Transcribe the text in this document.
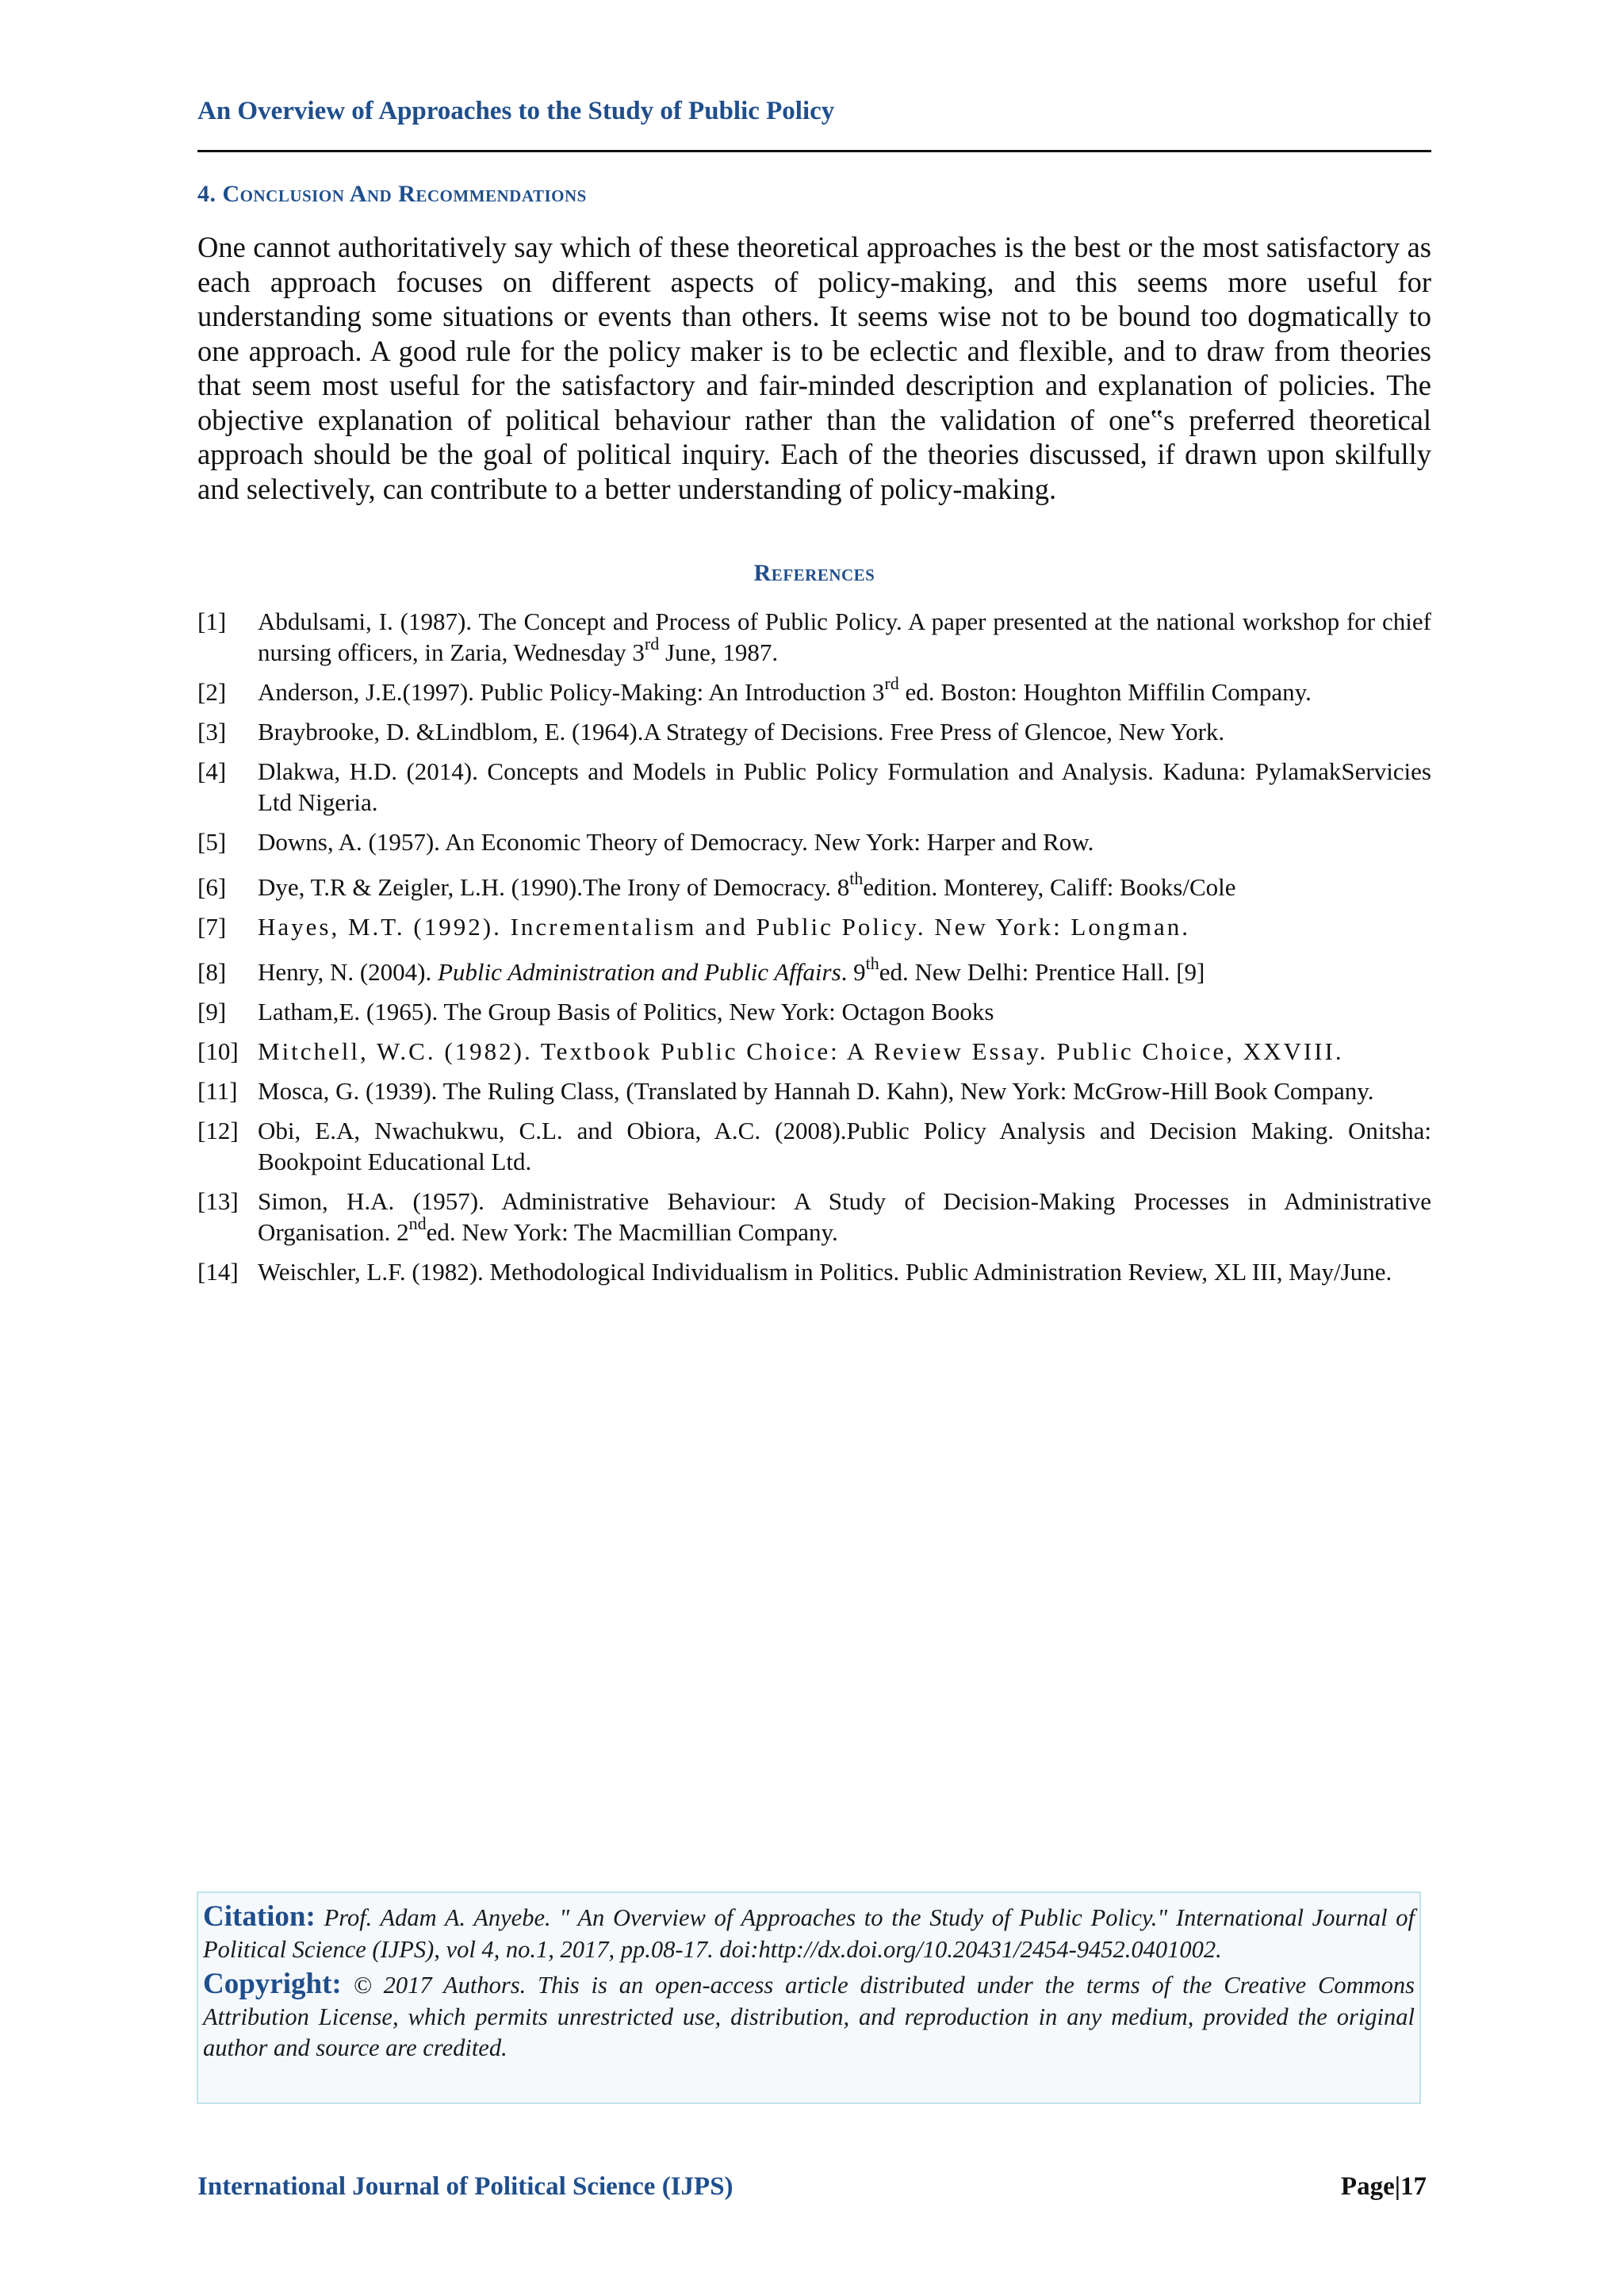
An Overview of Approaches to the Study of Public Policy
4. Conclusion And Recommendations
One cannot authoritatively say which of these theoretical approaches is the best or the most satisfactory as each approach focuses on different aspects of policy-making, and this seems more useful for understanding some situations or events than others. It seems wise not to be bound too dogmatically to one approach. A good rule for the policy maker is to be eclectic and flexible, and to draw from theories that seem most useful for the satisfactory and fair-minded description and explanation of policies. The objective explanation of political behaviour rather than the validation of one‟s preferred theoretical approach should be the goal of political inquiry. Each of the theories discussed, if drawn upon skilfully and selectively, can contribute to a better understanding of policy-making.
References
[1]	Abdulsami, I. (1987). The Concept and Process of Public Policy. A paper presented at the national workshop for chief nursing officers, in Zaria, Wednesday 3rd June, 1987.
[2]	Anderson, J.E.(1997). Public Policy-Making: An Introduction 3rd ed. Boston: Houghton Miffilin Company.
[3]	Braybrooke, D. &Lindblom, E. (1964).A Strategy of Decisions. Free Press of Glencoe, New York.
[4]	Dlakwa, H.D. (2014). Concepts and Models in Public Policy Formulation and Analysis. Kaduna: PylamakServicies Ltd Nigeria.
[5]	Downs, A. (1957). An Economic Theory of Democracy. New York: Harper and Row.
[6]	Dye, T.R & Zeigler, L.H. (1990).The Irony of Democracy. 8thedition. Monterey, Califf: Books/Cole
[7]	Hayes, M.T. (1992). Incrementalism and Public Policy. New York: Longman.
[8]	Henry, N. (2004). Public Administration and Public Affairs. 9thed. New Delhi: Prentice Hall. [9]
[9]	Latham,E. (1965). The Group Basis of Politics, New York: Octagon Books
[10] Mitchell, W.C. (1982). Textbook Public Choice: A Review Essay. Public Choice, XXVIII.
[11] Mosca, G. (1939). The Ruling Class, (Translated by Hannah D. Kahn), New York: McGrow-Hill Book Company.
[12] Obi, E.A, Nwachukwu, C.L. and Obiora, A.C. (2008).Public Policy Analysis and Decision Making. Onitsha: Bookpoint Educational Ltd.
[13] Simon, H.A. (1957). Administrative Behaviour: A Study of Decision-Making Processes in Administrative Organisation. 2nded. New York: The Macmillian Company.
[14] Weischler, L.F. (1982). Methodological Individualism in Politics. Public Administration Review, XL III, May/June.

Citation: Prof. Adam A. Anyebe. " An Overview of Approaches to the Study of Public Policy." International Journal of Political Science (IJPS), vol 4, no.1, 2017, pp.08-17. doi:http://dx.doi.org/10.20431/2454-9452.0401002.

Copyright: © 2017 Authors. This is an open-access article distributed under the terms of the Creative Commons Attribution License, which permits unrestricted use, distribution, and reproduction in any medium, provided the original author and source are credited.

International Journal of Political Science (IJPS)	Page|17
